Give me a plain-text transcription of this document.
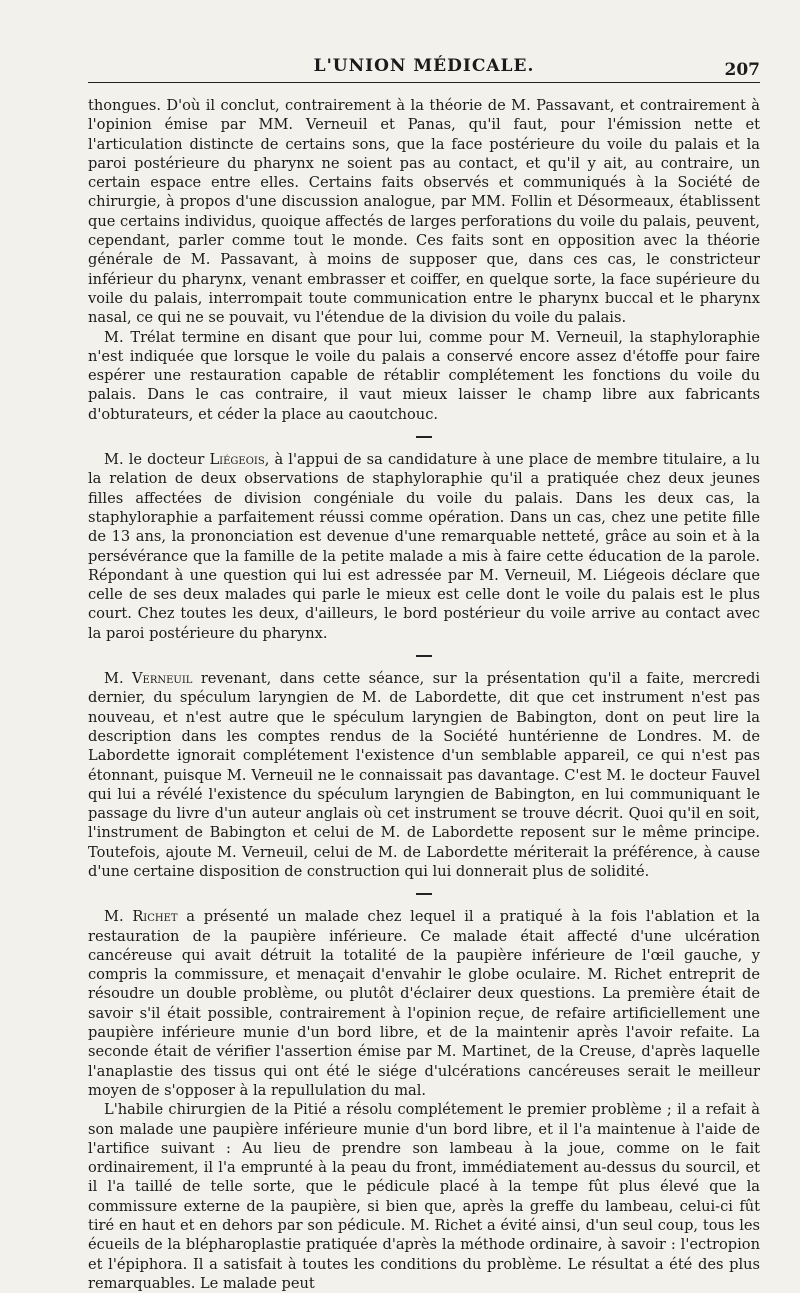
L'UNION MÉDICALE.	207

thongues. D'où il conclut, contrairement à la théorie de M. Passavant, et contrairement à l'opinion émise par MM. Verneuil et Panas, qu'il faut, pour l'émission nette et l'articulation distincte de certains sons, que la face postérieure du voile du palais et la paroi postérieure du pharynx ne soient pas au contact, et qu'il y ait, au contraire, un certain espace entre elles. Certains faits observés et communiqués à la Société de chirurgie, à propos d'une discussion analogue, par MM. Follin et Désormeaux, établissent que certains individus, quoique affectés de larges perforations du voile du palais, peuvent, cependant, parler comme tout le monde. Ces faits sont en opposition avec la théorie générale de M. Passavant, à moins de supposer que, dans ces cas, le constricteur inférieur du pharynx, venant embrasser et coiffer, en quelque sorte, la face supérieure du voile du palais, interrompait toute communication entre le pharynx buccal et le pharynx nasal, ce qui ne se pouvait, vu l'étendue de la division du voile du palais.

M. Trélat termine en disant que pour lui, comme pour M. Verneuil, la staphyloraphie n'est indiquée que lorsque le voile du palais a conservé encore assez d'étoffe pour faire espérer une restauration capable de rétablir complétement les fonctions du voile du palais. Dans le cas contraire, il vaut mieux laisser le champ libre aux fabricants d'obturateurs, et céder la place au caoutchouc.

M. le docteur Liégeois, à l'appui de sa candidature à une place de membre titulaire, a lu la relation de deux observations de staphyloraphie qu'il a pratiquée chez deux jeunes filles affectées de division congéniale du voile du palais. Dans les deux cas, la staphyloraphie a parfaitement réussi comme opération. Dans un cas, chez une petite fille de 13 ans, la prononciation est devenue d'une remarquable netteté, grâce au soin et à la persévérance que la famille de la petite malade a mis à faire cette éducation de la parole. Répondant à une question qui lui est adressée par M. Verneuil, M. Liégeois déclare que celle de ses deux malades qui parle le mieux est celle dont le voile du palais est le plus court. Chez toutes les deux, d'ailleurs, le bord postérieur du voile arrive au contact avec la paroi postérieure du pharynx.

M. Verneuil revenant, dans cette séance, sur la présentation qu'il a faite, mercredi dernier, du spéculum laryngien de M. de Labordette, dit que cet instrument n'est pas nouveau, et n'est autre que le spéculum laryngien de Babington, dont on peut lire la description dans les comptes rendus de la Société huntérienne de Londres. M. de Labordette ignorait complétement l'existence d'un semblable appareil, ce qui n'est pas étonnant, puisque M. Verneuil ne le connaissait pas davantage. C'est M. le docteur Fauvel qui lui a révélé l'existence du spéculum laryngien de Babington, en lui communiquant le passage du livre d'un auteur anglais où cet instrument se trouve décrit. Quoi qu'il en soit, l'instrument de Babington et celui de M. de Labordette reposent sur le même principe. Toutefois, ajoute M. Verneuil, celui de M. de Labordette mériterait la préférence, à cause d'une certaine disposition de construction qui lui donnerait plus de solidité.

M. Richet a présenté un malade chez lequel il a pratiqué à la fois l'ablation et la restauration de la paupière inférieure. Ce malade était affecté d'une ulcération cancéreuse qui avait détruit la totalité de la paupière inférieure de l'œil gauche, y compris la commissure, et menaçait d'envahir le globe oculaire. M. Richet entreprit de résoudre un double problème, ou plutôt d'éclairer deux questions. La première était de savoir s'il était possible, contrairement à l'opinion reçue, de refaire artificiellement une paupière inférieure munie d'un bord libre, et de la maintenir après l'avoir refaite. La seconde était de vérifier l'assertion émise par M. Martinet, de la Creuse, d'après laquelle l'anaplastie des tissus qui ont été le siége d'ulcérations cancéreuses serait le meilleur moyen de s'opposer à la repullulation du mal.

L'habile chirurgien de la Pitié a résolu complétement le premier problème ; il a refait à son malade une paupière inférieure munie d'un bord libre, et il l'a maintenue à l'aide de l'artifice suivant : Au lieu de prendre son lambeau à la joue, comme on le fait ordinairement, il l'a emprunté à la peau du front, immédiatement au-dessus du sourcil, et il l'a taillé de telle sorte, que le pédicule placé à la tempe fût plus élevé que la commissure externe de la paupière, si bien que, après la greffe du lambeau, celui-ci fût tiré en haut et en dehors par son pédicule. M. Richet a évité ainsi, d'un seul coup, tous les écueils de la blépharoplastie pratiquée d'après la méthode ordinaire, à savoir : l'ectropion et l'épiphora. Il a satisfait à toutes les conditions du problème. Le résultat a été des plus remarquables. Le malade peut
